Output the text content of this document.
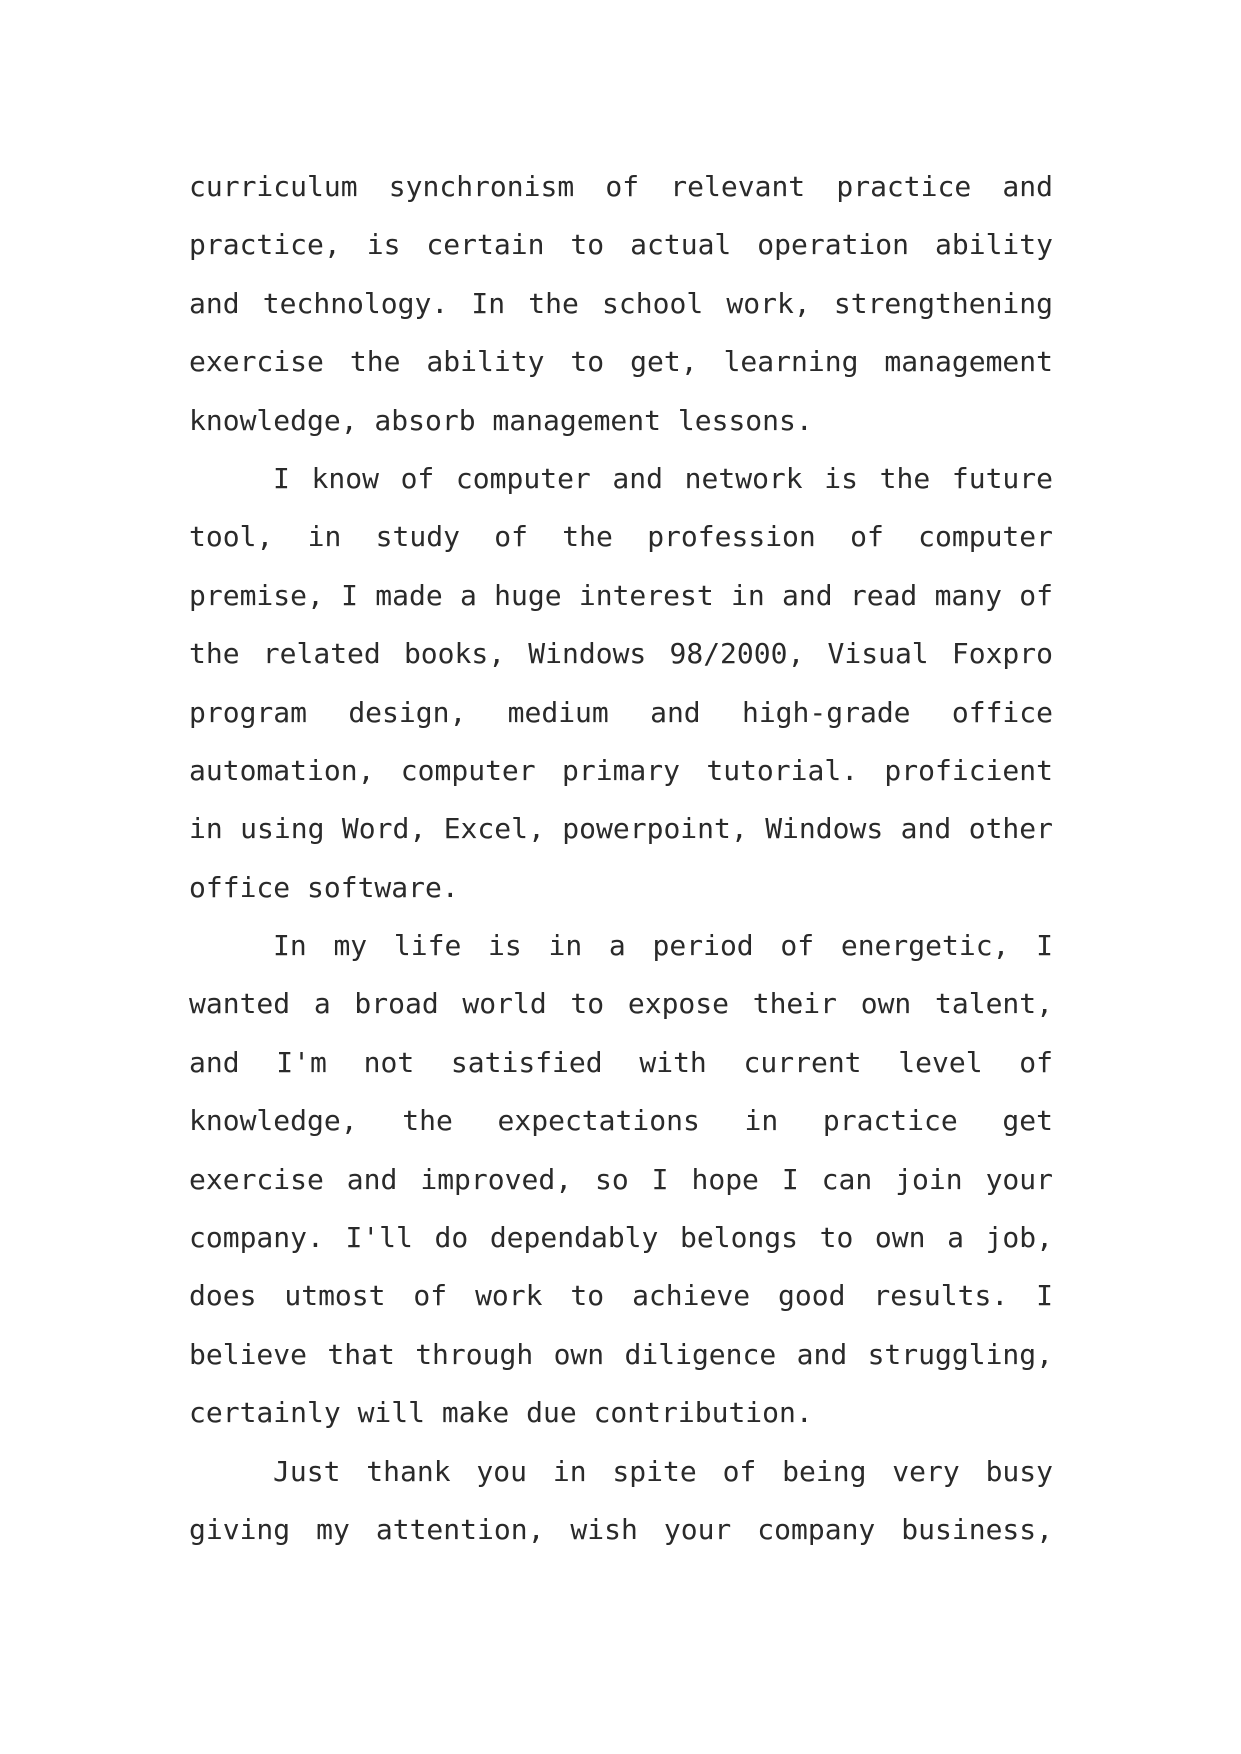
curriculum synchronism of relevant practice and
practice, is certain to actual operation ability
and technology. In the school work, strengthening
exercise the ability to get, learning management
knowledge, absorb management lessons.
I know of computer and network is the future
tool, in study of the profession of computer
premise, I made a huge interest in and read many of
the related books, Windows 98/2000, Visual Foxpro
program design, medium and high-grade office
automation, computer primary tutorial. proficient
in using Word, Excel, powerpoint, Windows and other
office software.
In my life is in a period of energetic, I
wanted a broad world to expose their own talent,
and I'm not satisfied with current level of
knowledge, the expectations in practice get
exercise and improved, so I hope I can join your
company. I'll do dependably belongs to own a job,
does utmost of work to achieve good results. I
believe that through own diligence and struggling,
certainly will make due contribution.
Just thank you in spite of being very busy
giving my attention, wish your company business,
